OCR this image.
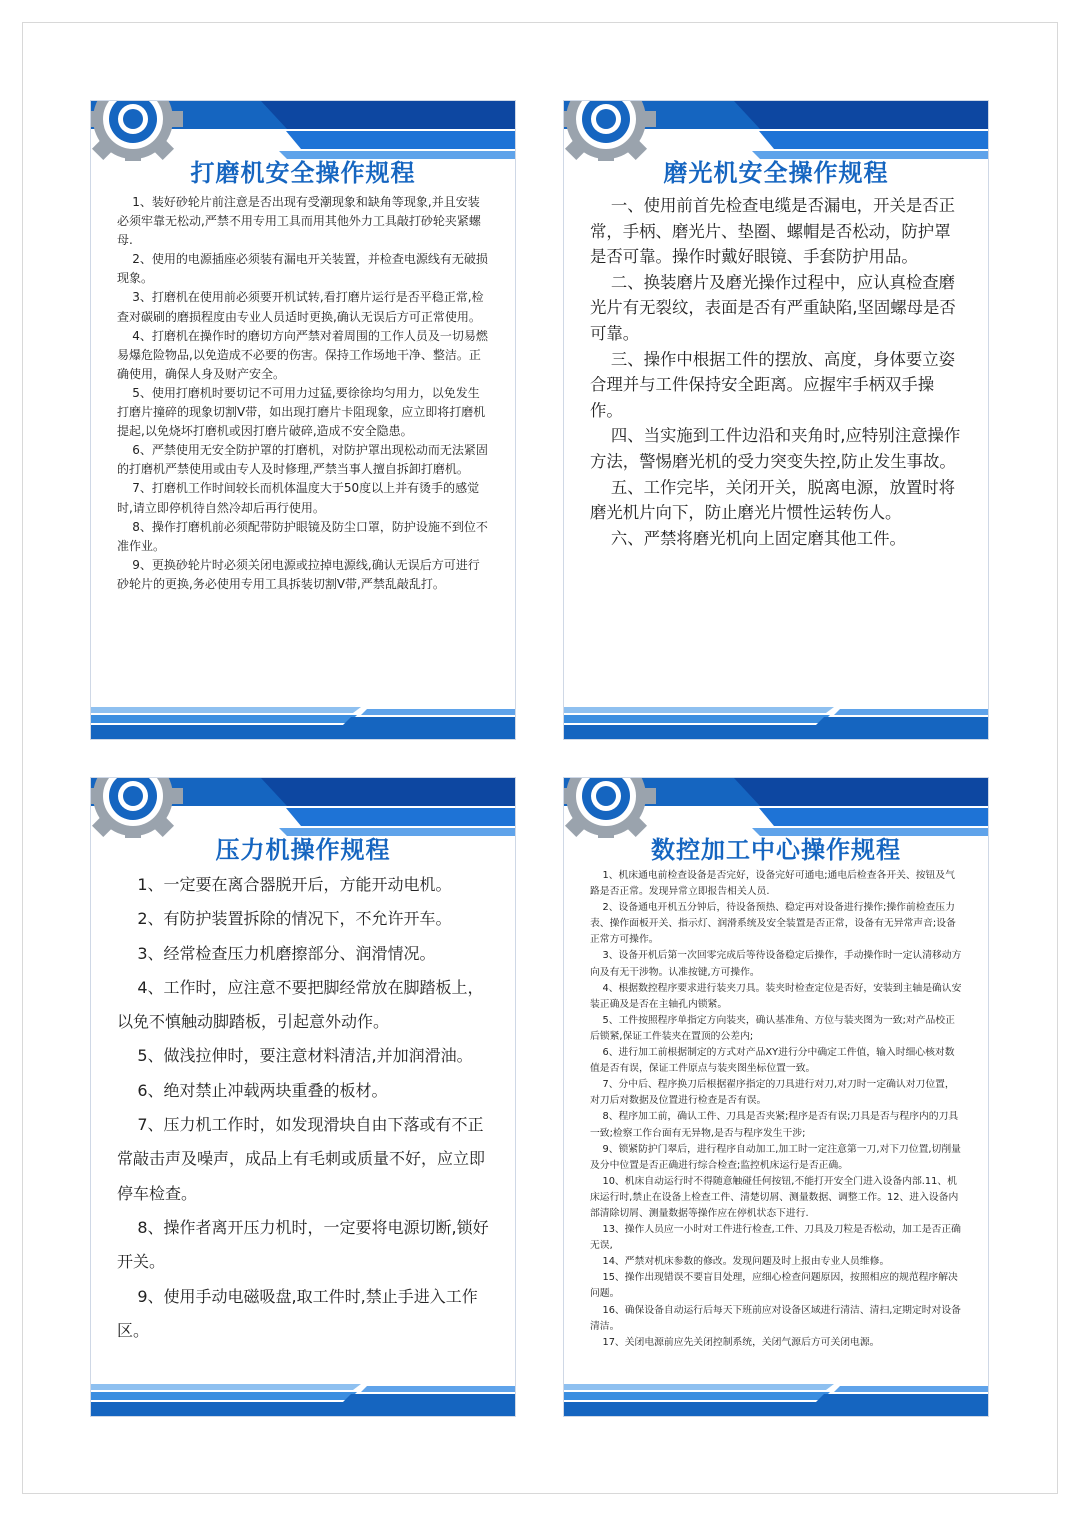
打磨机安全操作规程
1、装好砂轮片前注意是否出现有受潮现象和缺角等现象,并且安装必须牢靠无松动,严禁不用专用工具而用其他外力工具敲打砂轮夹紧螺母.
2、使用的电源插座必须装有漏电开关装置，并检查电源线有无破损现象。
3、打磨机在使用前必须要开机试转,看打磨片运行是否平稳正常,检查对碳刷的磨损程度由专业人员适时更换,确认无误后方可正常使用。
4、打磨机在操作时的磨切方向严禁对着周围的工作人员及一切易燃易爆危险物品,以免造成不必要的伤害。保持工作场地干净、整洁。正确使用，确保人身及财产安全。
5、使用打磨机时要切记不可用力过猛,要徐徐均匀用力，以免发生打磨片撞碎的现象切割V带，如出现打磨片卡阻现象，应立即将打磨机提起,以免烧坏打磨机或因打磨片破碎,造成不安全隐患。
6、严禁使用无安全防护罩的打磨机，对防护罩出现松动而无法紧固的打磨机严禁使用或由专人及时修理,严禁当事人擅自拆卸打磨机。
7、打磨机工作时间较长而机体温度大于50度以上并有烫手的感觉时,请立即停机待自然冷却后再行使用。
8、操作打磨机前必须配带防护眼镜及防尘口罩，防护设施不到位不准作业。
9、更换砂轮片时必须关闭电源或拉掉电源线,确认无误后方可进行砂轮片的更换,务必使用专用工具拆装切割V带,严禁乱敲乱打。
磨光机安全操作规程
一、使用前首先检查电缆是否漏电，开关是否正常，手柄、磨光片、垫圈、螺帽是否松动，防护罩是否可靠。操作时戴好眼镜、手套防护用品。
二、换装磨片及磨光操作过程中，应认真检查磨光片有无裂纹，表面是否有严重缺陷,坚固螺母是否可靠。
三、操作中根据工件的摆放、高度，身体要立姿合理并与工件保持安全距离。应握牢手柄双手操作。
四、当实施到工件边沿和夹角时,应特别注意操作方法，警惕磨光机的受力突变失控,防止发生事故。
五、工作完毕，关闭开关，脱离电源，放置时将磨光机片向下，防止磨光片惯性运转伤人。
六、严禁将磨光机向上固定磨其他工件。
压力机操作规程
1、一定要在离合器脱开后，方能开动电机。
2、有防护装置拆除的情况下，不允许开车。
3、经常检查压力机磨擦部分、润滑情况。
4、工作时，应注意不要把脚经常放在脚踏板上，以免不慎触动脚踏板，引起意外动作。
5、做浅拉伸时，要注意材料清洁,并加润滑油。
6、绝对禁止冲载两块重叠的板材。
7、压力机工作时，如发现滑块自由下落或有不正常敲击声及噪声，成品上有毛刺或质量不好，应立即停车检查。
8、操作者离开压力机时，一定要将电源切断,锁好开关。
9、使用手动电磁吸盘,取工件时,禁止手进入工作区。
数控加工中心操作规程
1、机床通电前检查设备是否完好，设备完好可通电;通电后检查各开关、按钮及气路是否正常。发现异常立即报告相关人员.
2、设备通电开机五分钟后，待设备预热、稳定再对设备进行操作;操作前检查压力表、操作面板开关、指示灯、润滑系统及安全装置是否正常，设备有无异常声音;设备正常方可操作。
3、设备开机后第一次回零完成后等待设备稳定后操作，手动操作时一定认清移动方向及有无干涉物。认准按键,方可操作。
4、根据数控程序要求进行装夹刀具。装夹时检查定位是否好，安装到主轴是确认安装正确及是否在主轴孔内锁紧。
5、工件按照程序单指定方向装夹，确认基准角、方位与装夹图为一致;对产品校正后锁紧,保证工件装夹在置顶的公差内;
6、进行加工前根据制定的方式对产品XY进行分中确定工件值，输入时细心核对数值是否有误，保证工件原点与装夹图坐标位置一致。
7、分中后、程序换刀后根据翟序指定的刀具进行对刀,对刀时一定确认对刀位置，对刀后对数据及位置进行检查是否有误。
8、程序加工前，确认工件、刀具是否夹紧;程序是否有误;刀具是否与程序内的刀具一致;检察工作台面有无异物,是否与程序发生干涉;
9、锁紧防护门翠后，进行程序自动加工,加工时一定注意第一刀,对下刀位置,切削量及分中位置是否正确进行综合检查;监控机床运行是否正确。
10、机床自动运行时不得随意触碰任何按钮,不能打开安全门进入设备内部.11、机床运行时,禁止在设备上检查工件、清楚切屑、测量数据、调整工作。12、进入设备内部清除切屑、测量数据等操作应在停机状态下进行.
13、操作人员应一小时对工件进行检查,工件、刀具及刀粒是否松动，加工是否正确无误,
14、严禁对机床参数的修改。发现问题及时上报由专业人员维修。
15、操作出现错误不要盲目处理，应细心检查问题原因，按照相应的规范程序解决问题。
16、确保设备自动运行后每天下班前应对设备区域进行清洁、清扫,定期定时对设备清洁。
17、关闭电源前应先关闭控制系统，关闭气源后方可关闭电源。
